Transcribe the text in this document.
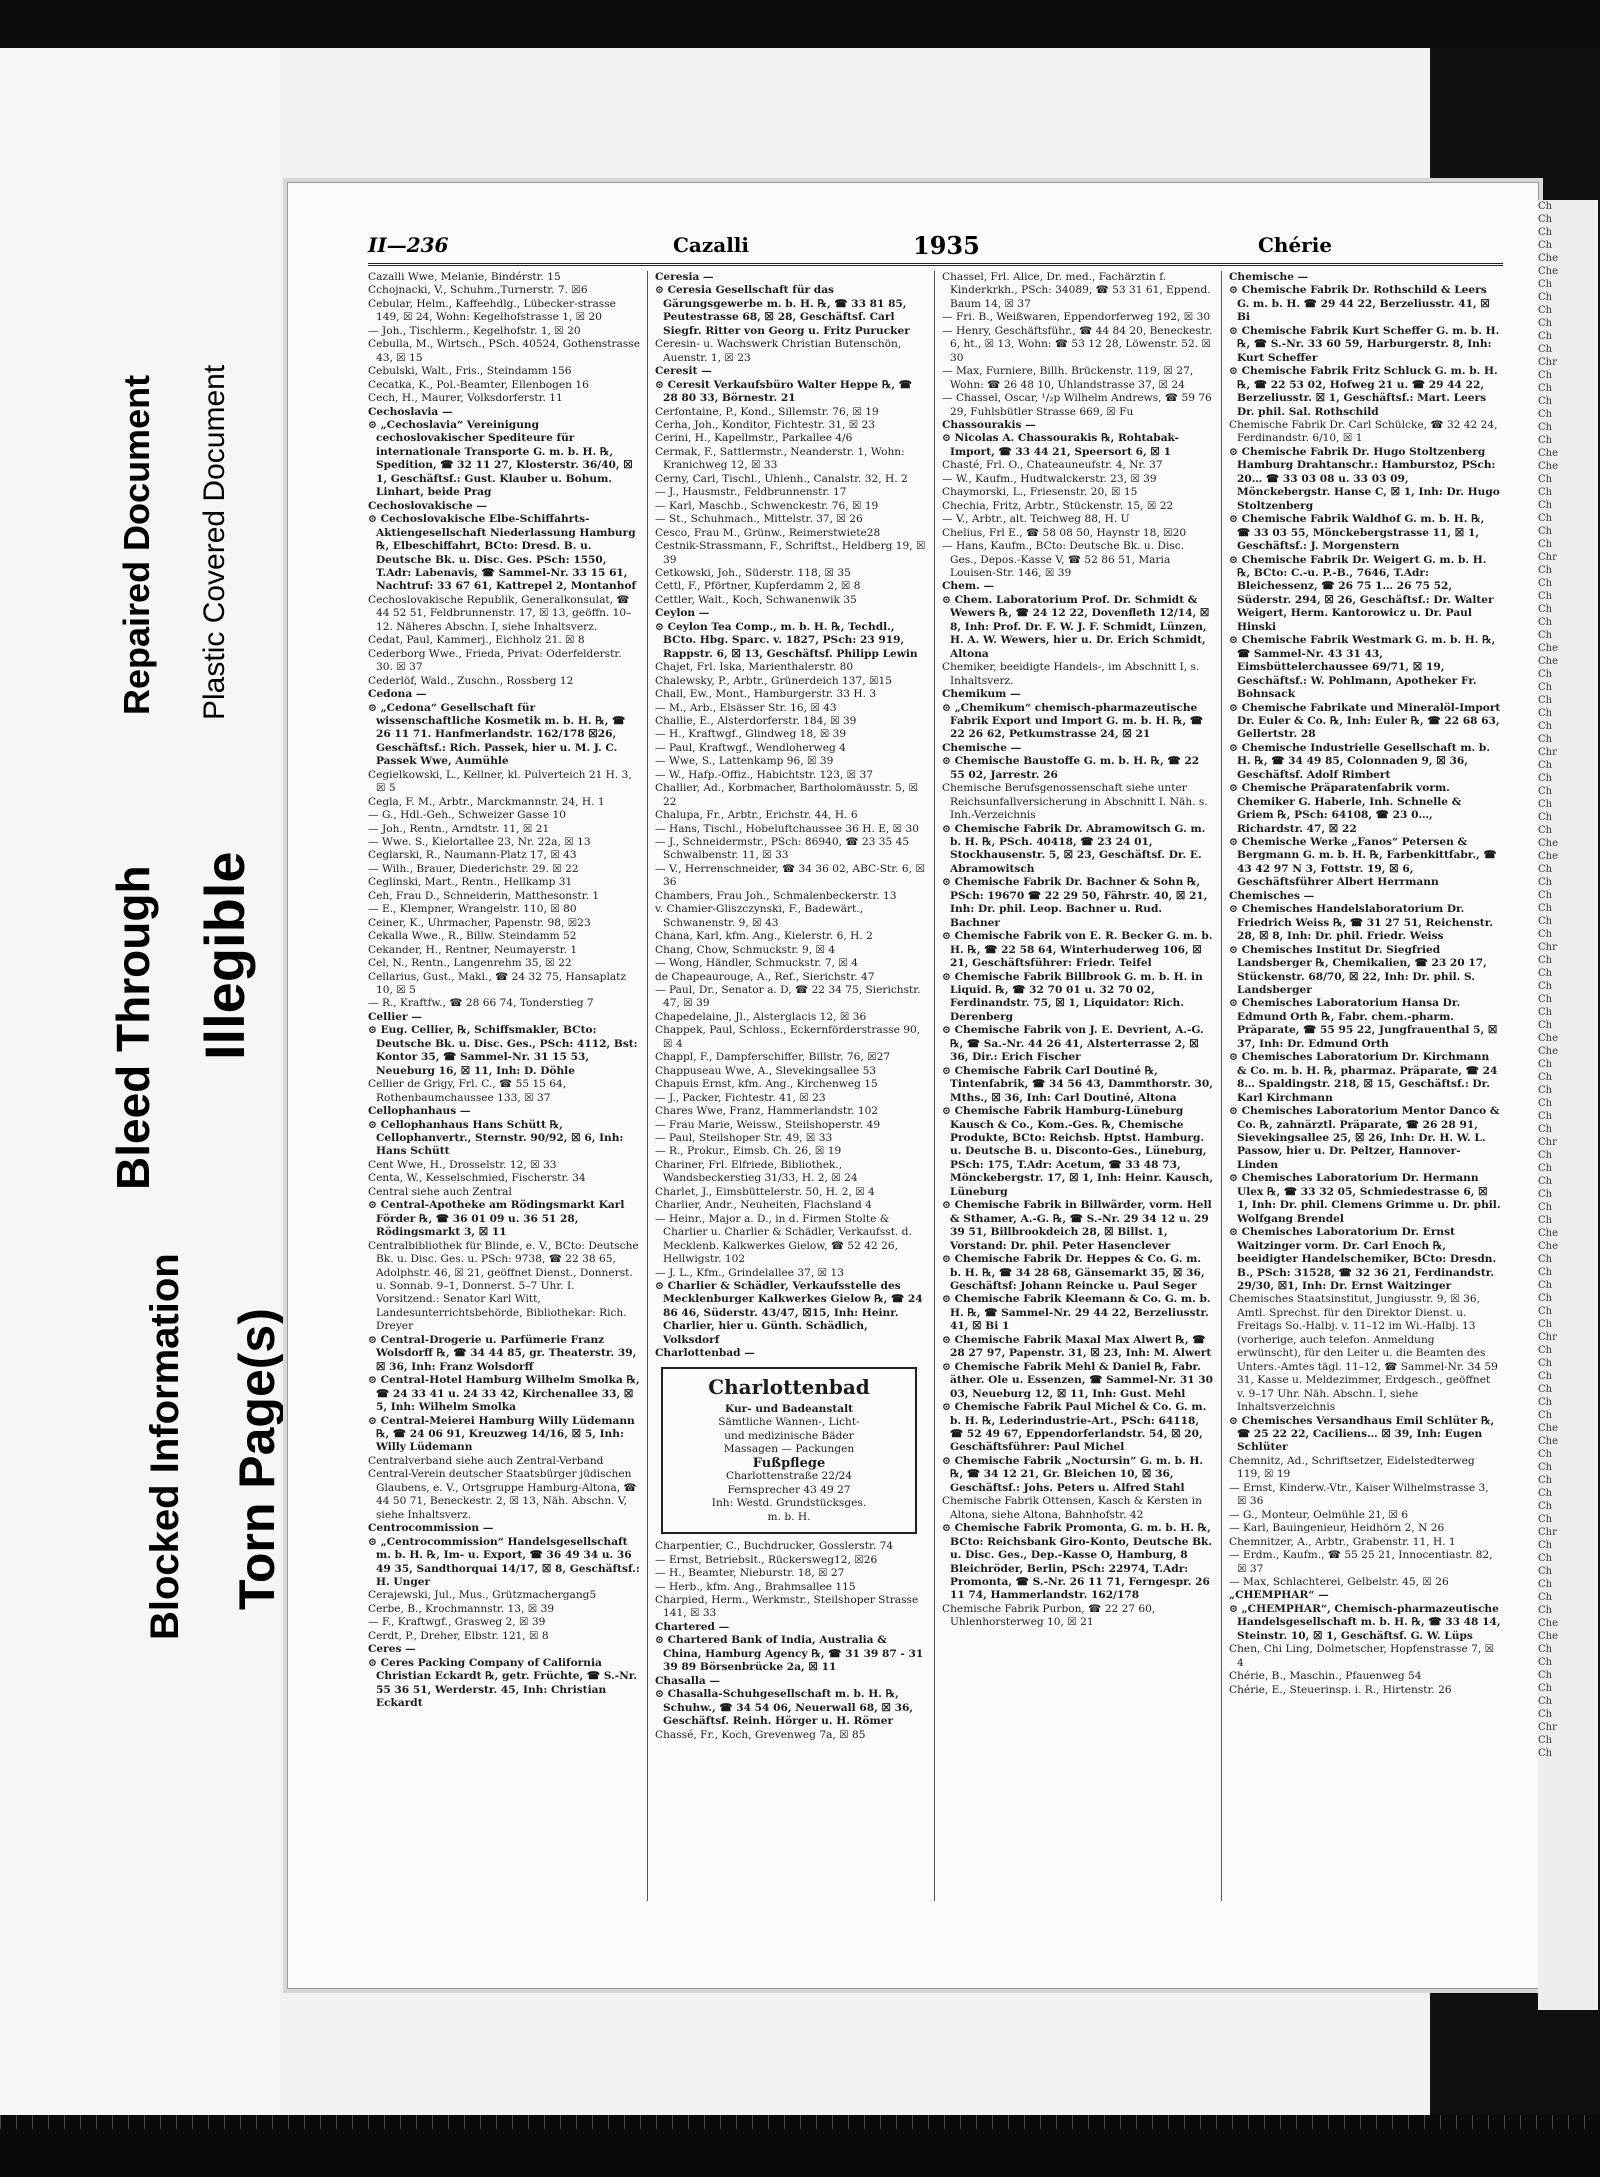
Bleed Through Illegible
Repaired Document Plastic Covered Document
Blocked Information Torn Page(s)
II—236	Cazalli	1935	Chérie

Cazalli Wwe, Melanie, Bindérstr. 15

Cchojnacki, V., Schuhm.,Turnerstr. 7. ☒6

Cebular, Helm., Kaffeehdlg., Lübecker-strasse 149, ☒ 24, Wohn: Kegelhofstrasse 1, ☒ 20

— Joh., Tischlerm., Kegelhofstr. 1, ☒ 20

Cebulla, M., Wirtsch., PSch. 40524, Gothenstrasse 43, ☒ 15

Cebulski, Walt., Fris., Steindamm 156

Cecatka, K., Pol.-Beamter, Ellenbogen 16

Cech, H., Maurer, Volksdorferstr. 11

Cechoslavia —

⊙ „Cechoslavia“ Vereinigung cechoslovakischer Spediteure für internationale Transporte G. m. b. H. ℞, Spedition, ☎ 32 11 27, Klosterstr. 36/40, ☒ 1, Geschäftsf.: Gust. Klauber u. Bohum. Linhart, beide Prag

Cechoslovakische —

⊙ Cechoslovakische Elbe-Schiffahrts-Aktiengesellschaft Niederlassung Hamburg ℞, Elbeschiffahrt, BCto: Dresd. B. u. Deutsche Bk. u. Disc. Ges. PSch: 1550, T.Adr: Labenavis, ☎ Sammel-Nr. 33 15 61, Nachtruf: 33 67 61, Kattrepel 2, Montanhof

Cechoslovakische Republik, Generalkonsulat, ☎ 44 52 51, Feldbrunnenstr. 17, ☒ 13, geöffn. 10–12. Näheres Abschn. I, siehe Inhaltsverz.

Cedat, Paul, Kammerj., Eichholz 21. ☒ 8

Cederborg Wwe., Frieda, Privat: Oderfelderstr. 30. ☒ 37

Cederlöf, Wald., Zuschn., Rossberg 12

Cedona —

⊙ „Cedona“ Gesellschaft für wissenschaftliche Kosmetik m. b. H. ℞, ☎ 26 11 71. Hanfmerlandstr. 162/178 ☒26, Geschäftsf.: Rich. Passek, hier u. M. J. C. Passek Wwe, Aumühle

Cegielkowski, L., Kellner, kl. Pulverteich 21 H. 3, ☒ 5

Cegla, F. M., Arbtr., Marckmannstr. 24, H. 1

— G., Hdl.-Geh., Schweizer Gasse 10

— Joh., Rentn., Arndtstr. 11, ☒ 21

— Wwe. S., Kielortallee 23, Nr. 22a, ☒ 13

Ceglarski, R., Naumann-Platz 17, ☒ 43

— Wilh., Brauer, Diederichstr. 29. ☒ 22

Ceglinski, Mart., Rentn., Hellkamp 31

Ceh, Frau D., Schneiderin, Matthesonstr. 1

— E., Klempner, Wrangelstr. 110, ☒ 80

Ceiner, K., Uhrmacher, Papenstr. 98, ☒23

Cekalla Wwe., R., Billw. Steindamm 52

Cekander, H., Rentner, Neumayerstr. 1

Cel, N., Rentn., Langenrehm 35, ☒ 22

Cellarius, Gust., Makl., ☎ 24 32 75, Hansaplatz 10, ☒ 5

— R., Kraftfw., ☎ 28 66 74, Tonderstieg 7

Cellier —

⊙ Eug. Cellier, ℞, Schiffsmakler, BCto: Deutsche Bk. u. Disc. Ges., PSch: 4112, Bst: Kontor 35, ☎ Sammel-Nr. 31 15 53, Neueburg 16, ☒ 11, Inh: D. Döhle

Cellier de Grigy, Frl. C., ☎ 55 15 64, Rothenbaumchaussee 133, ☒ 37

Cellophanhaus —

⊙ Cellophanhaus Hans Schütt ℞, Cellophanvertr., Sternstr. 90/92, ☒ 6, Inh: Hans Schütt

Cent Wwe, H., Drosselstr. 12, ☒ 33

Centa, W., Kesselschmied, Fischerstr. 34

Central siehe auch Zentral

⊙ Central-Apotheke am Rödingsmarkt Karl Förder ℞, ☎ 36 01 09 u. 36 51 28, Rödingsmarkt 3, ☒ 11

Centralbibliothek für Blinde, e. V., BCto: Deutsche Bk. u. Disc. Ges. u. PSch: 9738, ☎ 22 38 65, Adolphstr. 46, ☒ 21, geöffnet Dienst., Donnerst. u. Sonnab. 9–1, Donnerst. 5–7 Uhr. I. Vorsitzend.: Senator Karl Witt, Landesunterrichtsbehörde, Bibliothekar: Rich. Dreyer

⊙ Central-Drogerie u. Parfümerie Franz Wolsdorff ℞, ☎ 34 44 85, gr. Theaterstr. 39, ☒ 36, Inh: Franz Wolsdorff

⊙ Central-Hotel Hamburg Wilhelm Smolka ℞, ☎ 24 33 41 u. 24 33 42, Kirchenallee 33, ☒ 5, Inh: Wilhelm Smolka

⊙ Central-Meierei Hamburg Willy Lüdemann ℞, ☎ 24 06 91, Kreuzweg 14/16, ☒ 5, Inh: Willy Lüdemann

Centralverband siehe auch Zentral-Verband

Central-Verein deutscher Staatsbürger jüdischen Glaubens, e. V., Ortsgruppe Hamburg-Altona, ☎ 44 50 71, Beneckestr. 2, ☒ 13, Näh. Abschn. V, siehe Inhaltsverz.

Centrocommission —

⊙ „Centrocommission“ Handelsgesellschaft m. b. H. ℞, Im- u. Export, ☎ 36 49 34 u. 36 49 35, Sandthorquai 14/17, ☒ 8, Geschäftsf.: H. Unger

Cerajewski, Jul., Mus., Grützmachergang5

Cerbe, B., Krochmannstr. 13, ☒ 39

— F., Kraftwgf., Grasweg 2, ☒ 39

Cerdt, P., Dreher, Elbstr. 121, ☒ 8

Ceres —

⊙ Ceres Packing Company of California Christian Eckardt ℞, getr. Früchte, ☎ S.-Nr. 55 36 51, Werderstr. 45, Inh: Christian Eckardt

Ceresia —

⊙ Ceresia Gesellschaft für das Gärungsgewerbe m. b. H. ℞, ☎ 33 81 85, Peutestrasse 68, ☒ 28, Geschäftsf. Carl Siegfr. Ritter von Georg u. Fritz Purucker

Ceresin- u. Wachswerk Christian Butenschön, Auenstr. 1, ☒ 23

Ceresit —

⊙ Ceresit Verkaufsbüro Walter Heppe ℞, ☎ 28 80 33, Börnestr. 21

Cerfontaine, P., Kond., Sillemstr. 76, ☒ 19

Cerha, Joh., Konditor, Fichtestr. 31, ☒ 23

Cerini, H., Kapellmstr., Parkallee 4/6

Cermak, F., Sattlermstr., Neanderstr. 1, Wohn: Kranichweg 12, ☒ 33

Cerny, Carl, Tischl., Uhlenh., Canalstr. 32, H. 2

— J., Hausmstr., Feldbrunnenstr. 17

— Karl, Maschb., Schwenckestr. 76, ☒ 19

— St., Schuhmach., Mittelstr. 37, ☒ 26

Cesco, Frau M., Grünw., Reimerstwiete28

Cestnik-Strassmann, F., Schriftst., Heldberg 19, ☒ 39

Cetkowski, Joh., Süderstr. 118, ☒ 35

Cettl, F., Pförtner, Kupferdamm 2, ☒ 8

Cettler, Walt., Koch, Schwanenwik 35

Ceylon —

⊙ Ceylon Tea Comp., m. b. H. ℞, Techdl., BCto. Hbg. Sparc. v. 1827, PSch: 23 919, Rappstr. 6, ☒ 13, Geschäftsf. Philipp Lewin

Chajet, Frl. Iska, Marienthalerstr. 80

Chalewsky, P., Arbtr., Grünerdeich 137, ☒15

Chall, Ew., Mont., Hamburgerstr. 33 H. 3

— M., Arb., Elsässer Str. 16, ☒ 43

Challie, E., Alsterdorferstr. 184, ☒ 39

— H., Kraftwgf., Glindweg 18, ☒ 39

— Paul, Kraftwgf., Wendloherweg 4

— Wwe, S., Lattenkamp 96, ☒ 39

— W., Hafp.-Offiz., Habichtstr. 123, ☒ 37

Challier, Ad., Korbmacher, Bartholomäusstr. 5, ☒ 22

Chalupa, Fr., Arbtr., Erichstr. 44, H. 6

— Hans, Tischl., Hobeluftchaussee 36 H. E, ☒ 30

— J., Schneidermstr., PSch: 86940, ☎ 23 35 45 Schwalbenstr. 11, ☒ 33

— V., Herrenschneider, ☎ 34 36 02, ABC-Str. 6, ☒ 36

Chambers, Frau Joh., Schmalenbeckerstr. 13

v. Chamier-Gliszczynski, F., Badewärt., Schwanenstr. 9, ☒ 43

Chana, Karl, kfm. Ang., Kielerstr. 6, H. 2

Chang, Chow, Schmuckstr. 9, ☒ 4

— Wong, Händler, Schmuckstr. 7, ☒ 4

de Chapeaurouge, A., Ref., Sierichstr. 47

— Paul, Dr., Senator a. D, ☎ 22 34 75, Sierichstr. 47, ☒ 39

Chapedelaine, Jl., Alsterglacis 12, ☒ 36

Chappek, Paul, Schloss., Eckernförderstrasse 90, ☒ 4

Chappl, F., Dampferschiffer, Billstr. 76, ☒27

Chappuseau Wwe, A., Slevekingsallee 53

Chapuis Ernst, kfm. Ang., Kirchenweg 15

— J., Packer, Fichtestr. 41, ☒ 23

Chares Wwe, Franz, Hammerlandstr. 102

— Frau Marie, Weissw., Steilshoperstr. 49

— Paul, Steilshoper Str. 49, ☒ 33

— R., Prokur., Eimsb. Ch. 26, ☒ 19

Chariner, Frl. Elfriede, Bibliothek., Wandsbeckerstieg 31/33, H. 2, ☒ 24

Charlet, J., Eimsbüttelerstr. 50, H. 2, ☒ 4

Charlier, Andr., Neuheiten, Flachsland 4

— Heinr., Major a. D., in d. Firmen Stolte & Charlier u. Charlier & Schädler, Verkaufsst. d. Mecklenb. Kalkwerkes Gielow, ☎ 52 42 26, Hellwigstr. 102

— J. L., Kfm., Grindelallee 37, ☒ 13

⊙ Charlier & Schädler, Verkaufsstelle des Mecklenburger Kalkwerkes Gielow ℞, ☎ 24 86 46, Süderstr. 43/47, ☒15, Inh: Heinr. Charlier, hier u. Günth. Schädlich, Volksdorf

Charlottenbad —

Charlottenbad
Kur- und Badeanstalt
Sämtliche Wannen-, Licht-
und medizinische Bäder
Massagen — Packungen
Fußpflege
Charlottenstraße 22/24
Fernsprecher 43 49 27
Inh: Westd. Grundstücksges.
m. b. H.

Charpentier, C., Buchdrucker, Gosslerstr. 74

— Ernst, Betriebslt., Rückersweg12, ☒26

— H., Beamter, Nieburstr. 18, ☒ 27

— Herb., kfm. Ang., Brahmsallee 115

Charpied, Herm., Werkmstr., Steilshoper Strasse 141, ☒ 33

Chartered —

⊙ Chartered Bank of India, Australia & China, Hamburg Agency ℞, ☎ 31 39 87 - 31 39 89 Börsenbrücke 2a, ☒ 11

Chasalla —

⊙ Chasalla-Schuhgesellschaft m. b. H. ℞, Schuhw., ☎ 34 54 06, Neuerwall 68, ☒ 36, Geschäftsf. Reinh. Hörger u. H. Römer

Chassé, Fr., Koch, Grevenweg 7a, ☒ 85

Chassel, Frl. Alice, Dr. med., Fachärztin f. Kinderkrkh., PSch: 34089, ☎ 53 31 61, Eppend. Baum 14, ☒ 37

— Fri. B., Weißwaren, Eppendorferweg 192, ☒ 30

— Henry, Geschäftsführ., ☎ 44 84 20, Beneckestr. 6, ht., ☒ 13, Wohn: ☎ 53 12 28, Löwenstr. 52. ☒ 30

— Max, Furniere, Billh. Brückenstr. 119, ☒ 27, Wohn: ☎ 26 48 10, Uhlandstrasse 37, ☒ 24

— Chassel, Oscar, ¹/₂p Wilhelm Andrews, ☎ 59 76 29, Fuhlsbütler Strasse 669, ☒ Fu

Chassourakis —

⊙ Nicolas A. Chassourakis ℞, Rohtabak-Import, ☎ 33 44 21, Speersort 6, ☒ 1

Chasté, Frl. O., Chateauneufstr. 4, Nr. 37

— W., Kaufm., Hudtwalckerstr. 23, ☒ 39

Chaymorski, L., Friesenstr. 20, ☒ 15

Chechia, Fritz, Arbtr., Stückenstr. 15, ☒ 22

— V., Arbtr., alt. Teichweg 88, H. U

Chelius, Frl E., ☎ 58 08 50, Haynstr 18, ☒20

— Hans, Kaufm., BCto: Deutsche Bk. u. Disc. Ges., Depos.-Kasse V, ☎ 52 86 51, Maria Louisen-Str. 146, ☒ 39

Chem. —

⊙ Chem. Laboratorium Prof. Dr. Schmidt & Wewers ℞, ☎ 24 12 22, Dovenfleth 12/14, ☒ 8, Inh: Prof. Dr. F. W. J. F. Schmidt, Lünzen, H. A. W. Wewers, hier u. Dr. Erich Schmidt, Altona

Chemiker, beeidigte Handels-, im Abschnitt I, s. Inhaltsverz.

Chemikum —

⊙ „Chemikum“ chemisch-pharmazeutische Fabrik Export und Import G. m. b. H. ℞, ☎ 22 26 62, Petkumstrasse 24, ☒ 21

Chemische —

⊙ Chemische Baustoffe G. m. b. H. ℞, ☎ 22 55 02, Jarrestr. 26

Chemische Berufsgenossenschaft siehe unter Reichsunfallversicherung in Abschnitt I. Näh. s. Inh.-Verzeichnis

⊙ Chemische Fabrik Dr. Abramowitsch G. m. b. H. ℞, PSch. 40418, ☎ 23 24 01, Stockhausenstr. 5, ☒ 23, Geschäftsf. Dr. E. Abramowitsch

⊙ Chemische Fabrik Dr. Bachner & Sohn ℞, PSch: 19670 ☎ 22 29 50, Fährstr. 40, ☒ 21, Inh: Dr. phil. Leop. Bachner u. Rud. Bachner

⊙ Chemische Fabrik von E. R. Becker G. m. b. H. ℞, ☎ 22 58 64, Winterhuderweg 106, ☒ 21, Geschäftsführer: Friedr. Teifel

⊙ Chemische Fabrik Billbrook G. m. b. H. in Liquid. ℞, ☎ 32 70 01 u. 32 70 02, Ferdinandstr. 75, ☒ 1, Liquidator: Rich. Derenberg

⊙ Chemische Fabrik von J. E. Devrient, A.-G. ℞, ☎ Sa.-Nr. 44 26 41, Alsterterrasse 2, ☒ 36, Dir.: Erich Fischer

⊙ Chemische Fabrik Carl Doutiné ℞, Tintenfabrik, ☎ 34 56 43, Dammthorstr. 30, Mths., ☒ 36, Inh: Carl Doutiné, Altona

⊙ Chemische Fabrik Hamburg-Lüneburg Kausch & Co., Kom.-Ges. ℞, Chemische Produkte, BCto: Reichsb. Hptst. Hamburg. u. Deutsche B. u. Disconto-Ges., Lüneburg, PSch: 175, T.Adr: Acetum, ☎ 33 48 73, Mönckebergstr. 17, ☒ 1, Inh: Heinr. Kausch, Lüneburg

⊙ Chemische Fabrik in Billwärder, vorm. Hell & Sthamer, A.-G. ℞, ☎ S.-Nr. 29 34 12 u. 29 39 51, Billbrookdeich 28, ☒ Billst. 1, Vorstand: Dr. phil. Peter Hasenclever

⊙ Chemische Fabrik Dr. Heppes & Co. G. m. b. H. ℞, ☎ 34 28 68, Gänsemarkt 35, ☒ 36, Geschäftsf: Johann Reincke u. Paul Seger

⊙ Chemische Fabrik Kleemann & Co. G. m. b. H. ℞, ☎ Sammel-Nr. 29 44 22, Berzeliusstr. 41, ☒ Bi 1

⊙ Chemische Fabrik Maxal Max Alwert ℞, ☎ 28 27 97, Papenstr. 31, ☒ 23, Inh: M. Alwert

⊙ Chemische Fabrik Mehl & Daniel ℞, Fabr. äther. Ole u. Essenzen, ☎ Sammel-Nr. 31 30 03, Neueburg 12, ☒ 11, Inh: Gust. Mehl

⊙ Chemische Fabrik Paul Michel & Co. G. m. b. H. ℞, Lederindustrie-Art., PSch: 64118, ☎ 52 49 67, Eppendorferlandstr. 54, ☒ 20, Geschäftsführer: Paul Michel

⊙ Chemische Fabrik „Noctursin“ G. m. b. H. ℞, ☎ 34 12 21, Gr. Bleichen 10, ☒ 36, Geschäftsf.: Johs. Peters u. Alfred Stahl

Chemische Fabrik Ottensen, Kasch & Kersten in Altona, siehe Altona, Bahnhofstr. 42

⊙ Chemische Fabrik Promonta, G. m. b. H. ℞, BCto: Reichsbank Giro-Konto, Deutsche Bk. u. Disc. Ges., Dep.-Kasse O, Hamburg, 8 Bleichröder, Berlin, PSch: 22974, T.Adr: Promonta, ☎ S.-Nr. 26 11 71, Ferngespr. 26 11 74, Hammerlandstr. 162/178

Chemische Fabrik Purbon, ☎ 22 27 60, Uhlenhorsterweg 10, ☒ 21

Chemische —

⊙ Chemische Fabrik Dr. Rothschild & Leers G. m. b. H. ☎ 29 44 22, Berzeliusstr. 41, ☒ Bi

⊙ Chemische Fabrik Kurt Scheffer G. m. b. H. ℞, ☎ S.-Nr. 33 60 59, Harburgerstr. 8, Inh: Kurt Scheffer

⊙ Chemische Fabrik Fritz Schluck G. m. b. H. ℞, ☎ 22 53 02, Hofweg 21 u. ☎ 29 44 22, Berzeliusstr. ☒ 1, Geschäftsf.: Mart. Leers Dr. phil. Sal. Rothschild

Chemische Fabrik Dr. Carl Schülcke, ☎ 32 42 24, Ferdinandstr. 6/10, ☒ 1

⊙ Chemische Fabrik Dr. Hugo Stoltzenberg Hamburg Drahtanschr.: Hamburstoz, PSch: 20… ☎ 33 03 08 u. 33 03 09, Mönckebergstr. Hanse C, ☒ 1, Inh: Dr. Hugo Stoltzenberg

⊙ Chemische Fabrik Waldhof G. m. b. H. ℞, ☎ 33 03 55, Mönckebergstrasse 11, ☒ 1, Geschäftsf.: J. Morgenstern

⊙ Chemische Fabrik Dr. Weigert G. m. b. H. ℞, BCto: C.-u. P.-B., 7646, T.Adr: Bleichessenz, ☎ 26 75 1… 26 75 52, Süderstr. 294, ☒ 26, Geschäftsf.: Dr. Walter Weigert, Herm. Kantorowicz u. Dr. Paul Hinski

⊙ Chemische Fabrik Westmark G. m. b. H. ℞, ☎ Sammel-Nr. 43 31 43, Eimsbüttelerchaussee 69/71, ☒ 19, Geschäftsf.: W. Pohlmann, Apotheker Fr. Bohnsack

⊙ Chemische Fabrikate und Mineralöl-Import Dr. Euler & Co. ℞, Inh: Euler ℞, ☎ 22 68 63, Gellertstr. 28

⊙ Chemische Industrielle Gesellschaft m. b. H. ℞, ☎ 34 49 85, Colonnaden 9, ☒ 36, Geschäftsf. Adolf Rimbert

⊙ Chemische Präparatenfabrik vorm. Chemiker G. Haberle, Inh. Schnelle & Griem ℞, PSch: 64108, ☎ 23 0…, Richardstr. 47, ☒ 22

⊙ Chemische Werke „Fanos“ Petersen & Bergmann G. m. b. H. ℞, Farbenkittfabr., ☎ 43 42 97 N 3, Fottstr. 19, ☒ 6, Geschäftsführer Albert Herrmann

Chemisches —

⊙ Chemisches Handelslaboratorium Dr. Friedrich Weiss ℞, ☎ 31 27 51, Reichenstr. 28, ☒ 8, Inh: Dr. phil. Friedr. Weiss

⊙ Chemisches Institut Dr. Siegfried Landsberger ℞, Chemikalien, ☎ 23 20 17, Stückenstr. 68/70, ☒ 22, Inh: Dr. phil. S. Landsberger

⊙ Chemisches Laboratorium Hansa Dr. Edmund Orth ℞, Fabr. chem.-pharm. Präparate, ☎ 55 95 22, Jungfrauenthal 5, ☒ 37, Inh: Dr. Edmund Orth

⊙ Chemisches Laboratorium Dr. Kirchmann & Co. m. b. H. ℞, pharmaz. Präparate, ☎ 24 8… Spaldingstr. 218, ☒ 15, Geschäftsf.: Dr. Karl Kirchmann

⊙ Chemisches Laboratorium Mentor Danco & Co. ℞, zahnärztl. Präparate, ☎ 26 28 91, Sievekingsallee 25, ☒ 26, Inh: Dr. H. W. L. Passow, hier u. Dr. Peltzer, Hannover-Linden

⊙ Chemisches Laboratorium Dr. Hermann Ulex ℞, ☎ 33 32 05, Schmiedestrasse 6, ☒ 1, Inh: Dr. phil. Clemens Grimme u. Dr. phil. Wolfgang Brendel

⊙ Chemisches Laboratorium Dr. Ernst Waitzinger vorm. Dr. Carl Enoch ℞, beeidigter Handelschemiker, BCto: Dresdn. B., PSch: 31528, ☎ 32 36 21, Ferdinandstr. 29/30, ☒1, Inh: Dr. Ernst Waitzinger

Chemisches Staatsinstitut, Jungiusstr. 9, ☒ 36, Amtl. Sprechst. für den Direktor Dienst. u. Freitags So.-Halbj. v. 11–12 im Wi.-Halbj. 13 (vorherige, auch telefon. Anmeldung erwünscht), für den Leiter u. die Beamten des Unters.-Amtes tägl. 11–12, ☎ Sammel-Nr. 34 59 31, Kasse u. Meldezimmer, Erdgesch., geöffnet v. 9–17 Uhr. Näh. Abschn. I, siehe Inhaltsverzeichnis

⊙ Chemisches Versandhaus Emil Schlüter ℞, ☎ 25 22 22, Caciliens… ☒ 39, Inh: Eugen Schlüter

Chemnitz, Ad., Schriftsetzer, Eidelstedterweg 119, ☒ 19

— Ernst, Kinderw.-Vtr., Kaiser Wilhelmstrasse 3, ☒ 36

— G., Monteur, Oelmühle 21, ☒ 6

— Karl, Bauingenieur, Heidhörn 2, N 26

Chemnitzer, A., Arbtr., Grabenstr. 11, H. 1

— Erdm., Kaufm., ☎ 55 25 21, Innocentiastr. 82, ☒ 37

— Max, Schlachterei, Gelbelstr. 45, ☒ 26

„CHEMPHAR“ —

⊙ „CHEMPHAR“, Chemisch-pharmazeutische Handelsgesellschaft m. b. H. ℞, ☎ 33 48 14, Steinstr. 10, ☒ 1, Geschäftsf. G. W. Lüps

Chen, Chi Ling, Dolmetscher, Hopfenstrasse 7, ☒ 4

Chérie, B., Maschin., Pfauenweg 54

Chérie, E., Steuerinsp. i. R., Hirtenstr. 26

Ch
Ch
Ch
Ch
Che
Che
Ch
Ch
Ch
Ch
Ch
Ch
Chr
Ch
Ch
Ch
Ch
Ch
Ch
Che
Che
Ch
Ch
Ch
Ch
Ch
Ch
Chr
Ch
Ch
Ch
Ch
Ch
Ch
Che
Che
Ch
Ch
Ch
Ch
Ch
Ch
Chr
Ch
Ch
Ch
Ch
Ch
Ch
Che
Che
Ch
Ch
Ch
Ch
Ch
Ch
Chr
Ch
Ch
Ch
Ch
Ch
Ch
Che
Che
Ch
Ch
Ch
Ch
Ch
Ch
Chr
Ch
Ch
Ch
Ch
Ch
Ch
Che
Che
Ch
Ch
Ch
Ch
Ch
Ch
Chr
Ch
Ch
Ch
Ch
Ch
Ch
Che
Che
Ch
Ch
Ch
Ch
Ch
Ch
Chr
Ch
Ch
Ch
Ch
Ch
Ch
Che
Che
Ch
Ch
Ch
Ch
Ch
Ch
Chr
Ch
Ch
